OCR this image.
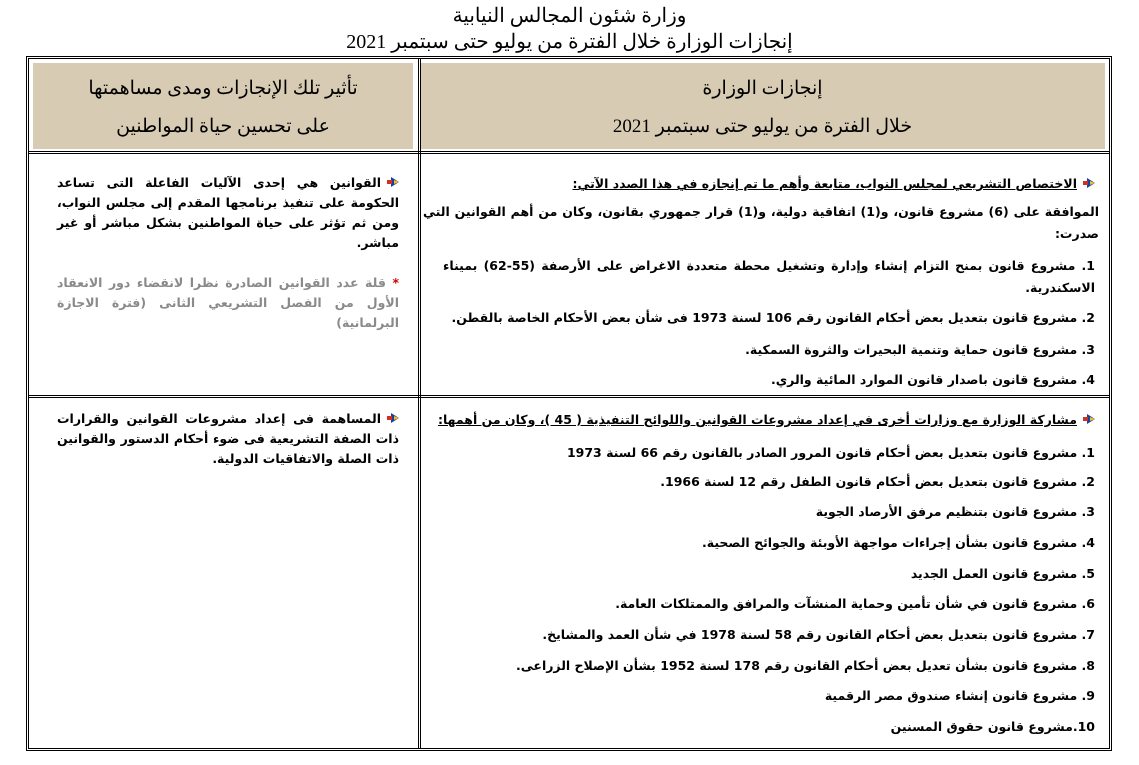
وزارة شئون المجالس النيابية
إنجازات الوزارة خلال الفترة من يوليو حتى سبتمبر 2021
إنجازات الوزارة
خلال الفترة من يوليو حتى سبتمبر 2021
تأثير تلك الإنجازات ومدى مساهمتها
على تحسين حياة المواطنين
الاختصاص التشريعي لمجلس النواب، متابعة وأهم ما تم إنجازه في هذا الصدد الآتي:
الموافقة على (6) مشروع قانون، و(1) اتفاقية دولية، و(1) قرار جمهوري بقانون، وكان من أهم القوانين التي صدرت:
1. مشروع قانون بمنح التزام إنشاء وإدارة وتشغيل محطة متعددة الاغراض على الأرصفة (55-62) بميناء الاسكندرية.
2. مشروع قانون بتعديل بعض أحكام القانون رقم 106 لسنة 1973 فى شأن بعض الأحكام الخاصة بالقطن.
3. مشروع قانون حماية وتنمية البحيرات والثروة السمكية.
4. مشروع قانون باصدار قانون الموارد المائية والري.
القوانين هي إحدى الآليات الفاعلة التى تساعد الحكومة على تنفيذ برنامجها المقدم إلى مجلس النواب، ومن ثم تؤثر على حياة المواطنين بشكل مباشر أو غير مباشر.
* قلة عدد القوانين الصادرة نظرا لانقضاء دور الانعقاد الأول من الفصل التشريعي الثانى (فترة الاجازة البرلمانية)
مشاركة الوزارة مع وزارات أخرى في إعداد مشروعات القوانين واللوائح التنفيذية ( 45 )، وكان من أهمها:
1. مشروع قانون بتعديل بعض أحكام قانون المرور الصادر بالقانون رقم 66 لسنة 1973
2. مشروع قانون بتعديل بعض أحكام قانون الطفل رقم 12 لسنة 1966.
3. مشروع قانون بتنظيم مرفق الأرصاد الجوية
4. مشروع قانون بشأن إجراءات مواجهة الأوبئة والجوائح الصحية.
5. مشروع قانون العمل الجديد
6. مشروع قانون في شأن تأمين وحماية المنشآت والمرافق والممتلكات العامة.
7. مشروع قانون بتعديل بعض أحكام القانون رقم 58 لسنة 1978 في شأن العمد والمشايخ.
8. مشروع قانون بشأن تعديل بعض أحكام القانون رقم 178 لسنة 1952 بشأن الإصلاح الزراعى.
9. مشروع قانون إنشاء صندوق مصر الرقمية
10.مشروع قانون حقوق المسنين
المساهمة فى إعداد مشروعات القوانين والقرارات ذات الصفة التشريعية فى ضوء أحكام الدستور والقوانين ذات الصلة والاتفاقيات الدولية.
